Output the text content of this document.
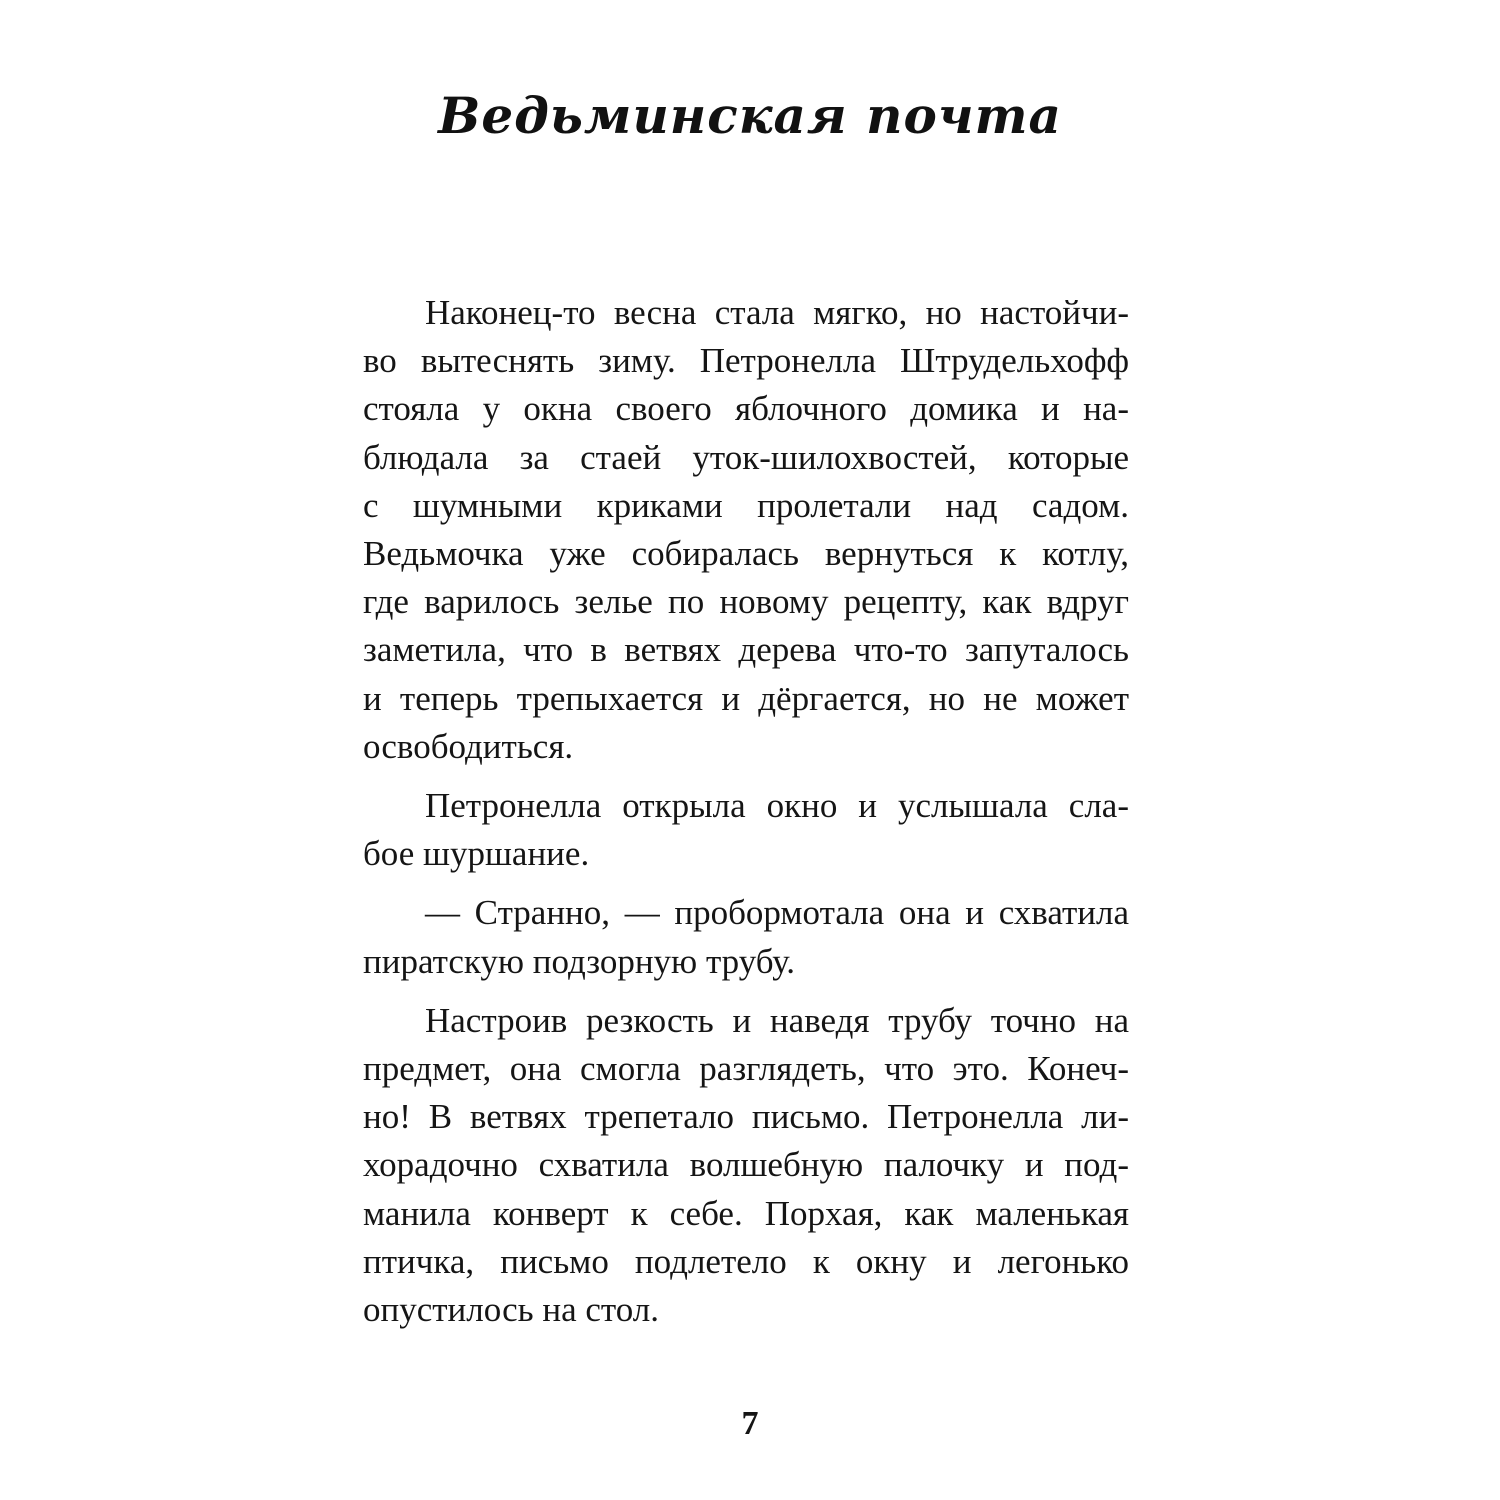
Ведьминская почта

Наконец-то весна стала мягко, но настойчи-
во вытеснять зиму. Петронелла Штрудельхофф
стояла у окна своего яблочного домика и на-
блюдала за стаей уток-шилохвостей, которые
с шумными криками пролетали над садом.
Ведьмочка уже собиралась вернуться к котлу,
где варилось зелье по новому рецепту, как вдруг
заметила, что в ветвях дерева что-то запуталось
и теперь трепыхается и дёргается, но не может
освободиться.

Петронелла открыла окно и услышала сла-
бое шуршание.

— Странно, — пробормотала она и схватила
пиратскую подзорную трубу.

Настроив резкость и наведя трубу точно на
предмет, она смогла разглядеть, что это. Конеч-
но! В ветвях трепетало письмо. Петронелла ли-
хорадочно схватила волшебную палочку и под-
манила конверт к себе. Порхая, как маленькая
птичка, письмо подлетело к окну и легонько
опустилось на стол.

7
